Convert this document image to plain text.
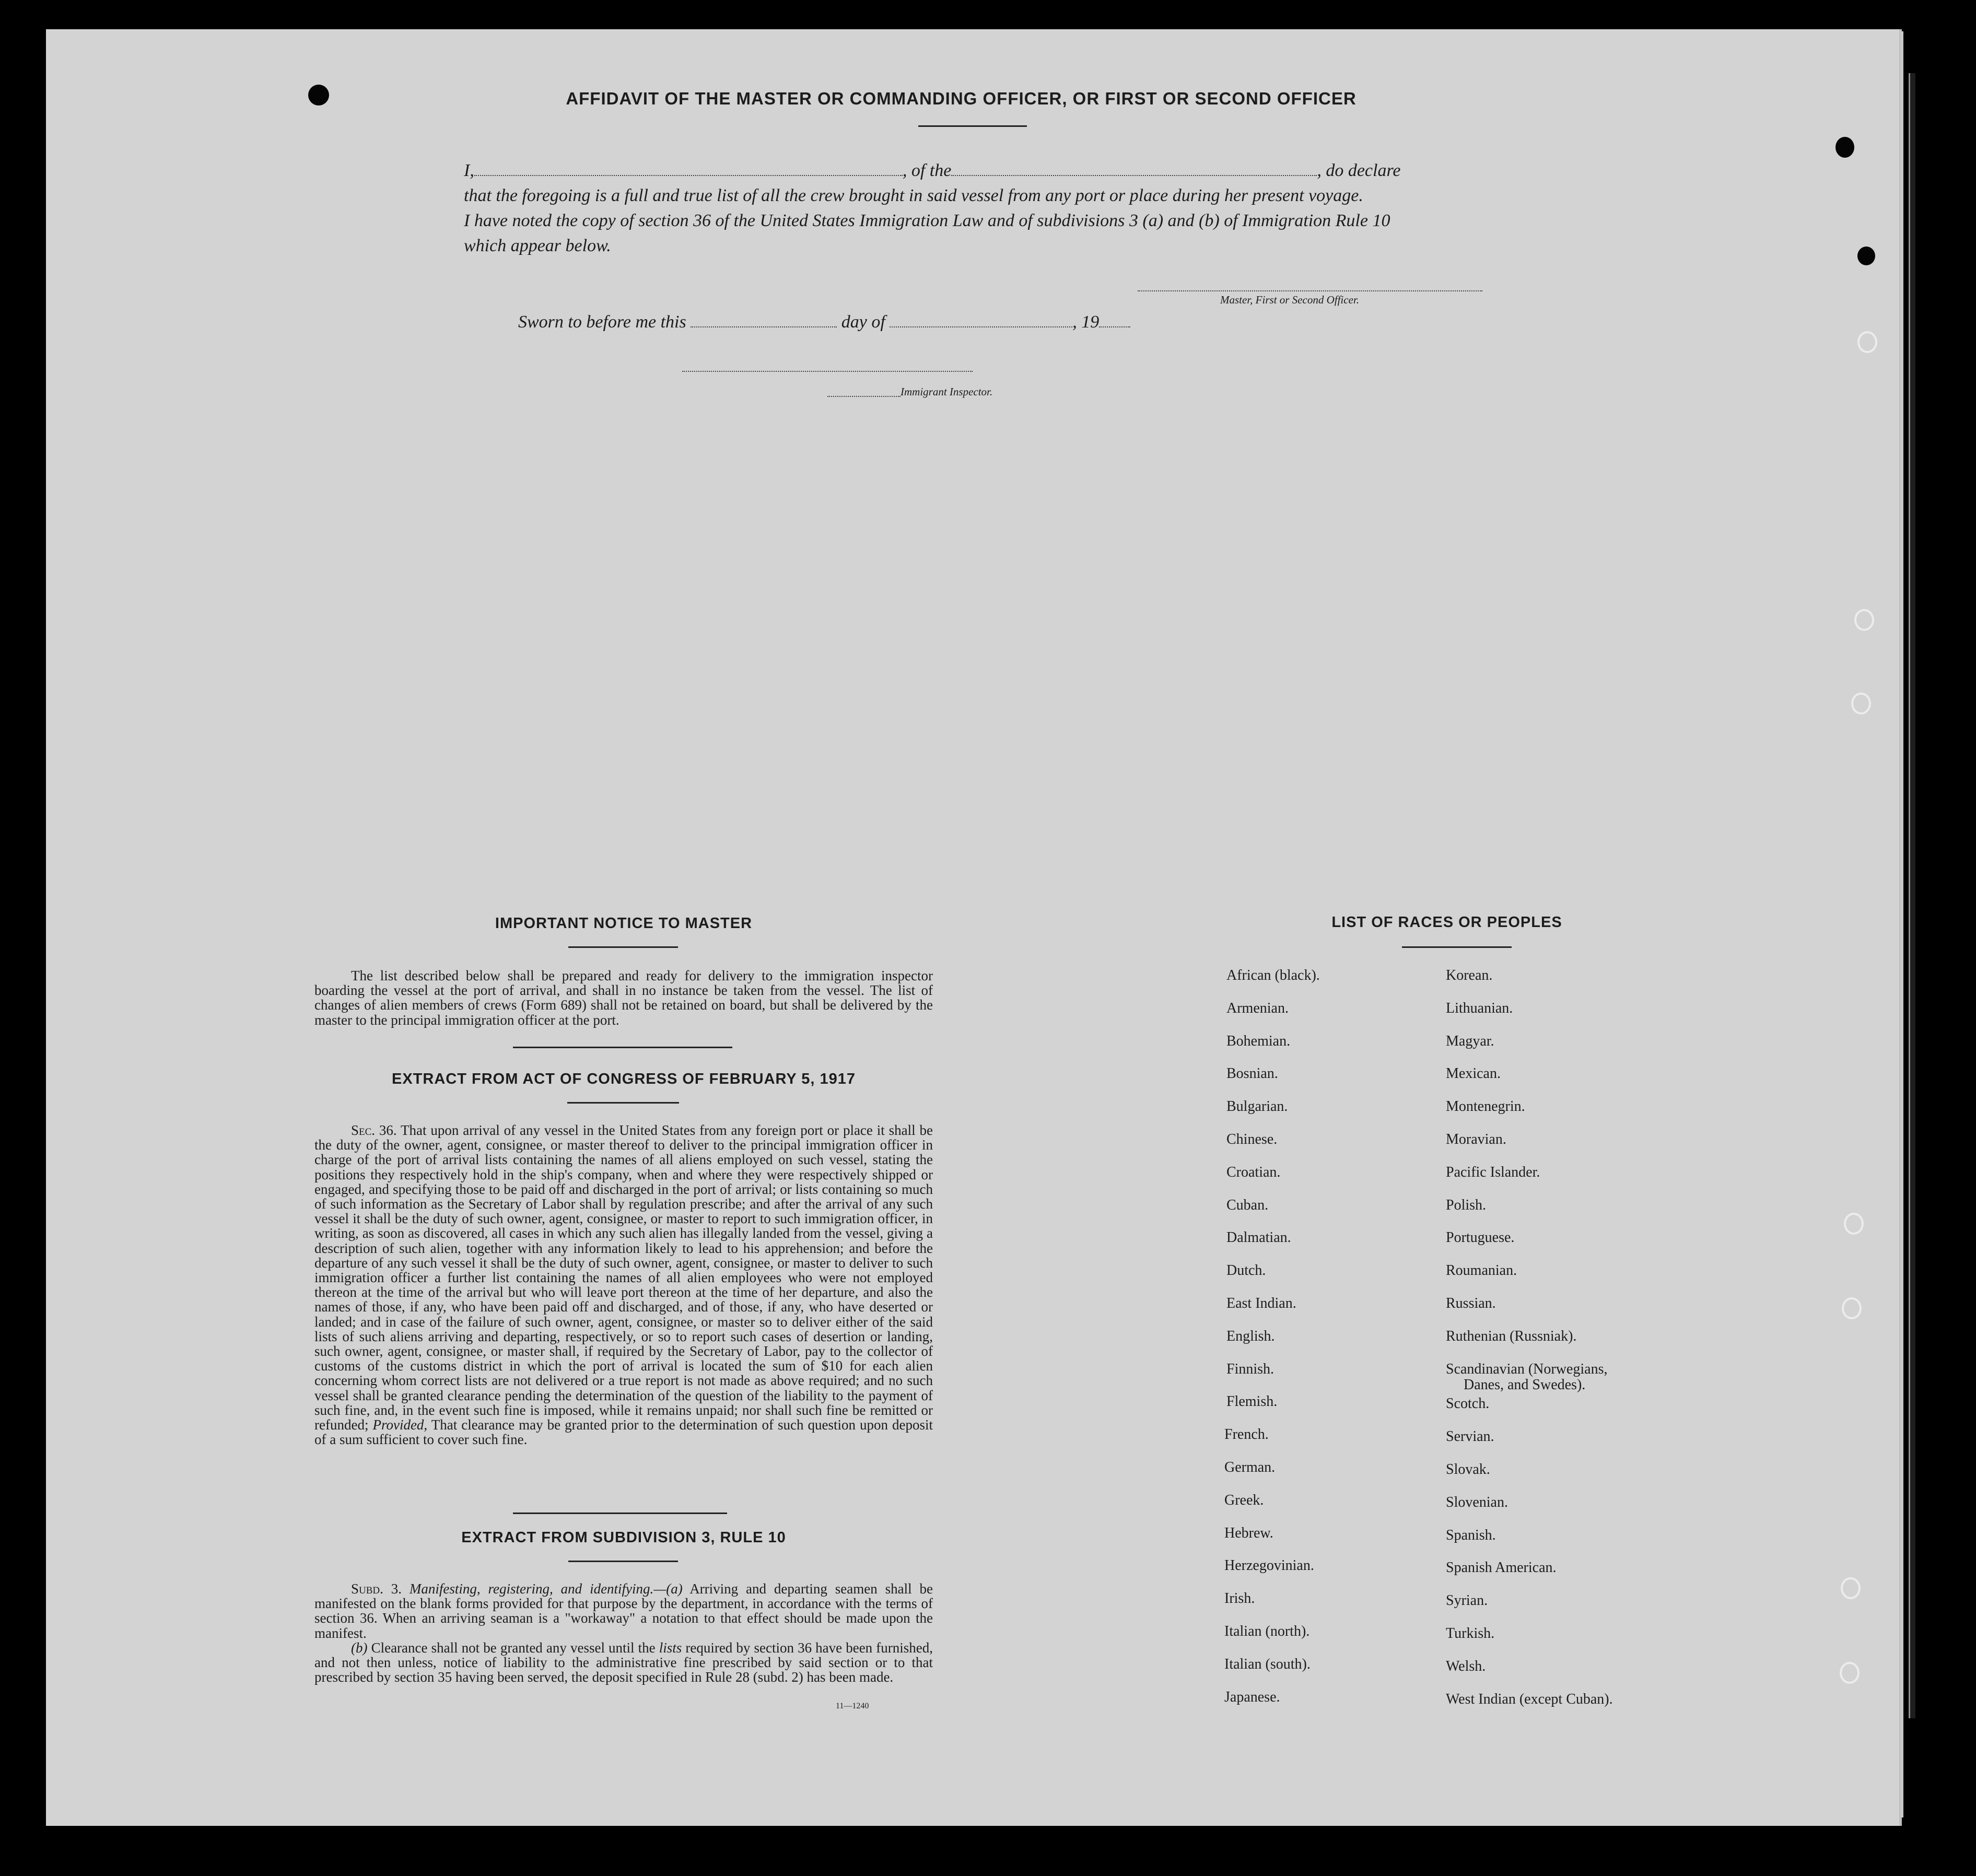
AFFIDAVIT OF THE MASTER OR COMMANDING OFFICER, OR FIRST OR SECOND OFFICER
I,	, of the	, do declare
that the foregoing is a full and true list of all the crew brought in said vessel from any port or place during her present voyage.
I have noted the copy of section 36 of the United States Immigration Law and of subdivisions 3 (a) and (b) of Immigration Rule 10
which appear below.
Master, First or Second Officer.
Sworn to before me this	day of	, 19
Immigrant Inspector.
IMPORTANT NOTICE TO MASTER

The list described below shall be prepared and ready for delivery to the immigration inspector boarding the vessel at the port of arrival, and shall in no instance be taken from the vessel. The list of changes of alien members of crews (Form 689) shall not be retained on board, but shall be delivered by the master to the principal immigration officer at the port.

EXTRACT FROM ACT OF CONGRESS OF FEBRUARY 5, 1917

Sec. 36. That upon arrival of any vessel in the United States from any foreign port or place it shall be the duty of the owner, agent, consignee, or master thereof to deliver to the principal immigration officer in charge of the port of arrival lists containing the names of all aliens employed on such vessel, stating the positions they respectively hold in the ship's company, when and where they were respectively shipped or engaged, and specifying those to be paid off and discharged in the port of arrival; or lists containing so much of such information as the Secretary of Labor shall by regulation prescribe; and after the arrival of any such vessel it shall be the duty of such owner, agent, consignee, or master to report to such immigration officer, in writing, as soon as discovered, all cases in which any such alien has illegally landed from the vessel, giving a description of such alien, together with any information likely to lead to his apprehension; and before the departure of any such vessel it shall be the duty of such owner, agent, consignee, or master to deliver to such immigration officer a further list containing the names of all alien employees who were not employed thereon at the time of the arrival but who will leave port thereon at the time of her departure, and also the names of those, if any, who have been paid off and discharged, and of those, if any, who have deserted or landed; and in case of the failure of such owner, agent, consignee, or master so to deliver either of the said lists of such aliens arriving and departing, respectively, or so to report such cases of desertion or landing, such owner, agent, consignee, or master shall, if required by the Secretary of Labor, pay to the collector of customs of the customs district in which the port of arrival is located the sum of $10 for each alien concerning whom correct lists are not delivered or a true report is not made as above required; and no such vessel shall be granted clearance pending the determination of the question of the liability to the payment of such fine, and, in the event such fine is imposed, while it remains unpaid; nor shall such fine be remitted or refunded; Provided, That clearance may be granted prior to the determination of such question upon deposit of a sum sufficient to cover such fine.

EXTRACT FROM SUBDIVISION 3, RULE 10

Subd. 3. Manifesting, registering, and identifying.—(a) Arriving and departing seamen shall be manifested on the blank forms provided for that purpose by the department, in accordance with the terms of section 36. When an arriving seaman is a "workaway" a notation to that effect should be made upon the manifest.

(b) Clearance shall not be granted any vessel until the lists required by section 36 have been furnished, and not then unless, notice of liability to the administrative fine prescribed by said section or to that prescribed by section 35 having been served, the deposit specified in Rule 28 (subd. 2) has been made.

11—1240
LIST OF RACES OR PEOPLES
African (black).
Armenian.
Bohemian.
Bosnian.
Bulgarian.
Chinese.
Croatian.
Cuban.
Dalmatian.
Dutch.
East Indian.
English.
Finnish.
Flemish.
French.
German.
Greek.
Hebrew.
Herzegovinian.
Irish.
Italian (north).
Italian (south).
Japanese.
Korean.
Lithuanian.
Magyar.
Mexican.
Montenegrin.
Moravian.
Pacific Islander.
Polish.
Portuguese.
Roumanian.
Russian.
Ruthenian (Russniak).
Scandinavian (Norwegians,
Scotch.
Servian.
Slovak.
Slovenian.
Spanish.
Spanish American.
Syrian.
Turkish.
Welsh.
West Indian (except Cuban).
Danes, and Swedes).
